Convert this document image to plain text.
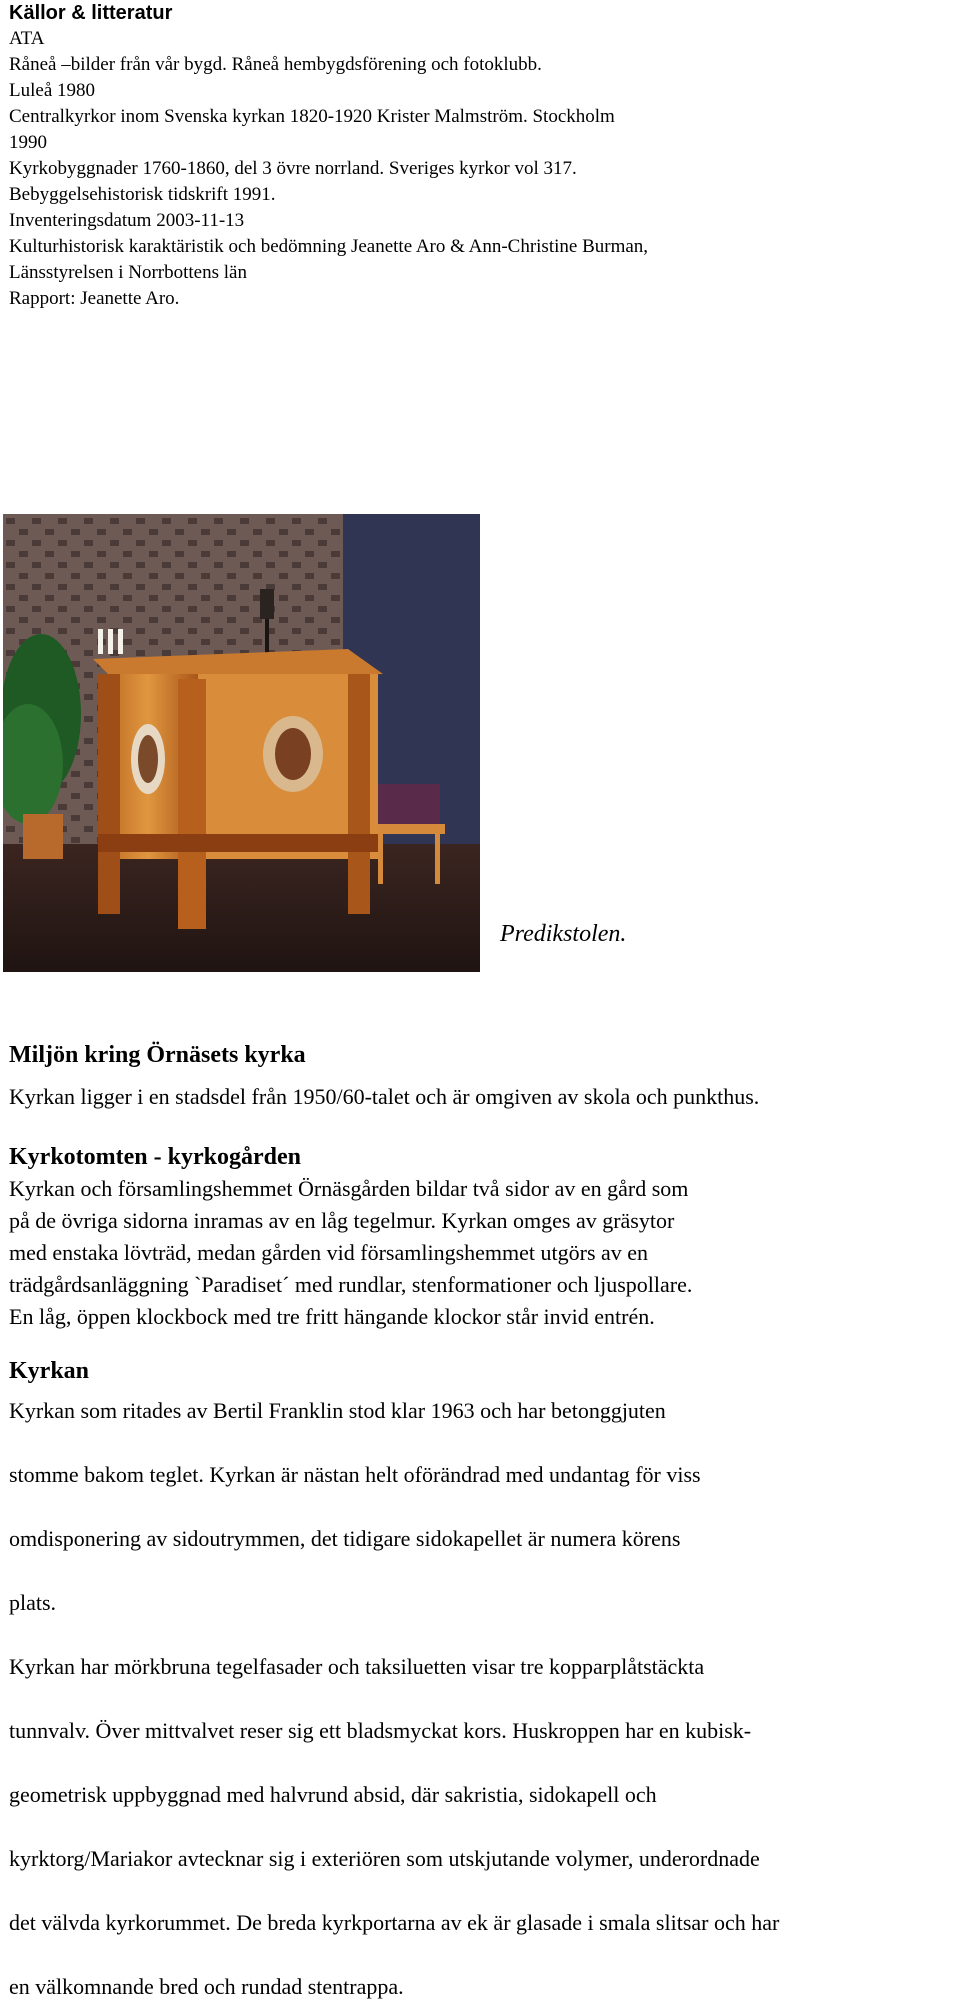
Källor & litteratur
ATA
Råneå –bilder från vår bygd. Råneå hembygdsförening och fotoklubb.
Luleå 1980
Centralkyrkor inom Svenska kyrkan 1820-1920 Krister Malmström. Stockholm
1990
Kyrkobyggnader 1760-1860, del 3 övre norrland. Sveriges kyrkor vol 317.
Bebyggelsehistorisk tidskrift 1991.
Inventeringsdatum 2003-11-13
Kulturhistorisk karaktäristik och bedömning Jeanette Aro & Ann-Christine Burman,
Länsstyrelsen i Norrbottens län
Rapport: Jeanette Aro.
Predikstolen.
Miljön kring Örnäsets kyrka

Kyrkan ligger i en stadsdel från 1950/60-talet och är omgiven av skola och punkthus.

Kyrkotomten - kyrkogården

Kyrkan och församlingshemmet Örnäsgården bildar två sidor av en gård som

på de övriga sidorna inramas av en låg tegelmur. Kyrkan omges av gräsytor

med enstaka lövträd, medan gården vid församlingshemmet utgörs av en

trädgårdsanläggning `Paradiset´ med rundlar, stenformationer och ljuspollare.

En låg, öppen klockbock med tre fritt hängande klockor står invid entrén.

Kyrkan

Kyrkan som ritades av Bertil Franklin stod klar 1963 och har betonggjuten

stomme bakom teglet. Kyrkan är nästan helt oförändrad med undantag för viss

omdisponering av sidoutrymmen, det tidigare sidokapellet är numera körens

plats.

Kyrkan har mörkbruna tegelfasader och taksiluetten visar tre kopparplåtstäckta

tunnvalv. Över mittvalvet reser sig ett bladsmyckat kors. Huskroppen har en kubisk-

geometrisk uppbyggnad med halvrund absid, där sakristia, sidokapell och

kyrktorg/Mariakor avtecknar sig i exteriören som utskjutande volymer, underordnade

det välvda kyrkorummet. De breda kyrkportarna av ek är glasade i smala slitsar och har

en välkomnande bred och rundad stentrappa.
